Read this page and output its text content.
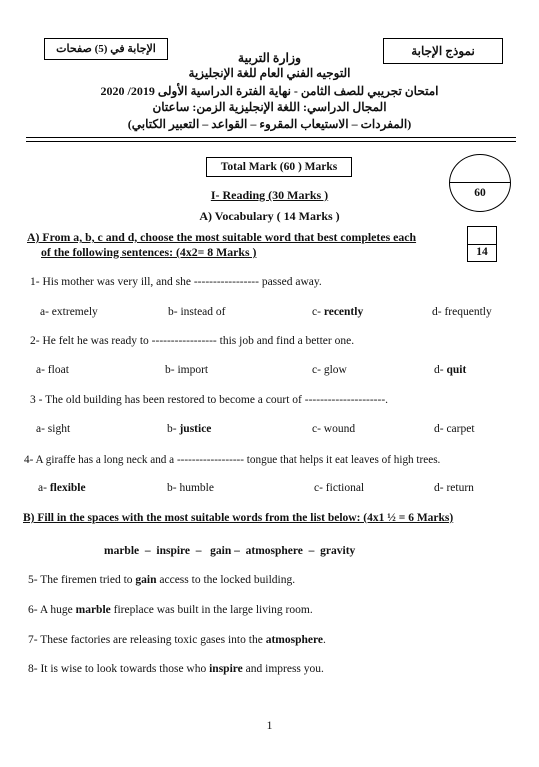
الإجابة في (5) صفحات	نموذج الإجابة
وزارة التربية
التوجيه الفني العام للغة الإنجليزية
امتحان تجريبي للصف الثامن - نهاية الفترة الدراسية الأولى 2019/ 2020
المجال الدراسي: اللغة الإنجليزية الزمن: ساعتان
(المفردات – الاستيعاب المقروء – القواعد – التعبير الكتابي)
Total Mark (60 ) Marks
60
I- Reading (30 Marks )
A) Vocabulary ( 14 Marks )
A) From a, b, c and d, choose the most suitable word that best completes each
of the following sentences: (4x2= 8 Marks )	14
1- His mother was very ill, and she ----------------- passed away.
a- extremely	b- instead of	c- recently	d- frequently
2- He felt he was ready to ----------------- this job and find a better one.
a- float	b- import	c- glow	d- quit
3 - The old building has been restored to become a court of ---------------------.
a- sight	b- justice	c- wound	d- carpet
4- A giraffe has a long neck and a ------------------ tongue that helps it eat leaves of high trees.
a- flexible	b- humble	c- fictional	d- return
B) Fill in the spaces with the most suitable words from the list below: (4x1 ½ = 6 Marks)
marble  –  inspire  –   gain –  atmosphere  –  gravity
5- The firemen tried to gain access to the locked building.
6- A huge marble fireplace was built in the large living room.
7- These factories are releasing toxic gases into the atmosphere.
8- It is wise to look towards those who inspire and impress you.
1
